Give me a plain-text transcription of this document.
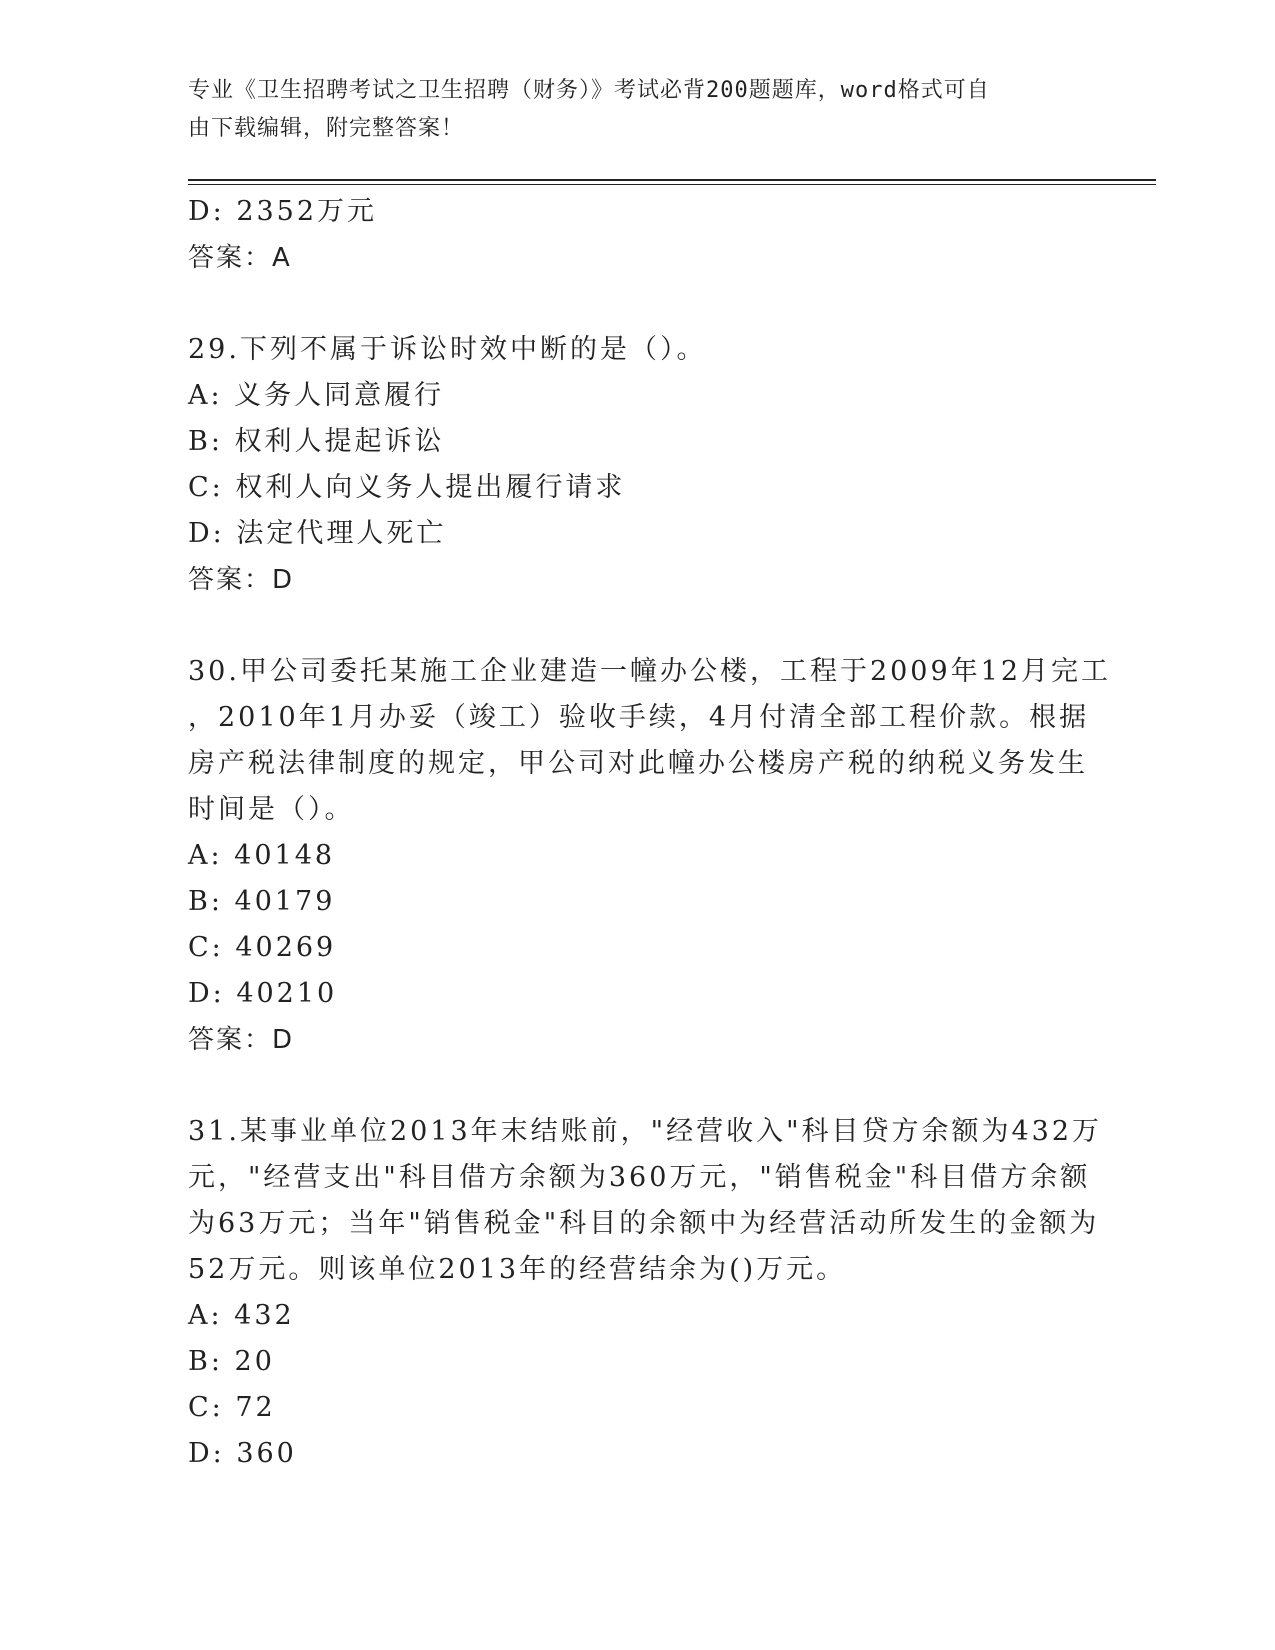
专业《卫生招聘考试之卫生招聘（财务）》考试必背200题题库，word格式可自
由下载编辑，附完整答案！
D: 2352万元
答案：A
29.下列不属于诉讼时效中断的是（）。
A: 义务人同意履行
B: 权利人提起诉讼
C: 权利人向义务人提出履行请求
D: 法定代理人死亡
答案：D
30.甲公司委托某施工企业建造一幢办公楼，工程于2009年12月完工
，2010年1月办妥（竣工）验收手续，4月付清全部工程价款。根据
房产税法律制度的规定，甲公司对此幢办公楼房产税的纳税义务发生
时间是（）。
A: 40148
B: 40179
C: 40269
D: 40210
答案：D
31.某事业单位2013年末结账前，"经营收入"科目贷方余额为432万
元，"经营支出"科目借方余额为360万元，"销售税金"科目借方余额
为63万元；当年"销售税金"科目的余额中为经营活动所发生的金额为
52万元。则该单位2013年的经营结余为()万元。
A: 432
B: 20
C: 72
D: 360
